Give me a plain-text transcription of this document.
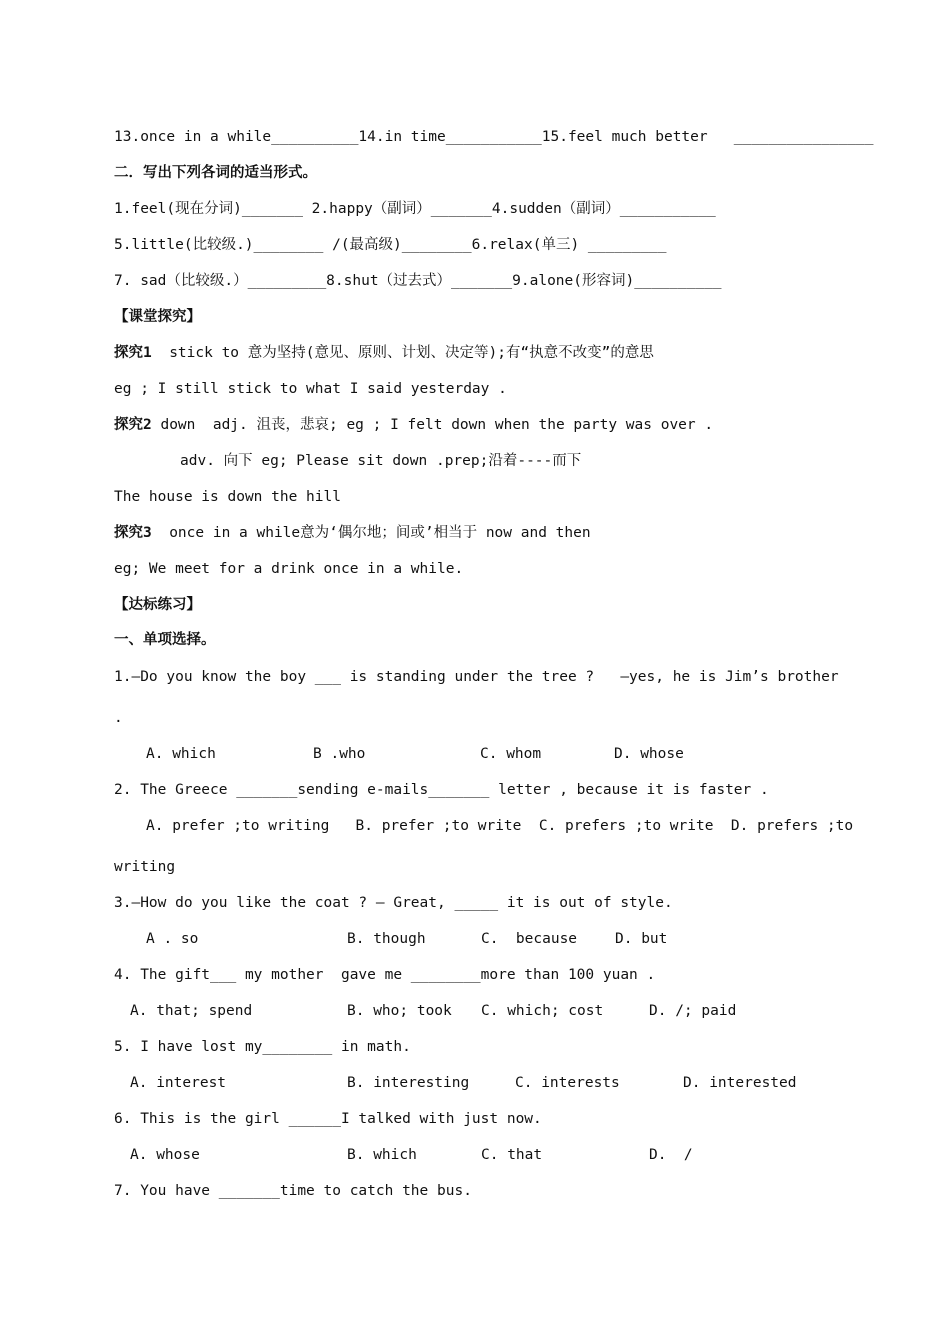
13.once in a while__________14.in time___________15.feel much better   ________________
二．写出下列各词的适当形式。
1.feel(现在分词)_______ 2.happy（副词）_______4.sudden（副词）___________
5.little(比较级.)________ /(最高级)________6.relax(单三) _________
7. sad（比较级.）_________8.shut（过去式）_______9.alone(形容词)__________
【课堂探究】
探究1  stick to 意为坚持(意见、原则、计划、决定等);有“执意不改变”的意思
eg ; I still stick to what I said yesterday .
探究2 down  adj. 沮丧，悲哀; eg ; I felt down when the party was over .
adv. 向下 eg; Please sit down .prep;沿着----而下
The house is down the hill
探究3  once in a while意为‘偶尔地；间或’相当于 now and then
eg; We meet for a drink once in a while.
【达标练习】
一、单项选择。
1.—Do you know the boy ___ is standing under the tree ?   —yes, he is Jim’s brother
.

A. which

	B .who

	C. whom

	D. whose

2. The Greece _______sending e-mails_______ letter , because it is faster .
A. prefer ;to writing   B. prefer ;to write  C. prefers ;to write  D. prefers ;to
writing
3.—How do you like the coat ? — Great, _____ it is out of style.

A . so

	B. though

	C.  because

	D. but

4. The gift___ my mother  gave me ________more than 100 yuan .

A. that; spend

	B. who; took

C. which; cost

	D. /; paid

5. I have lost my________ in math.

A. interest

	B. interesting

	C. interests

	D. interested

6. This is the girl ______I talked with just now.

A. whose

	B. which

	C. that

	D.  /

7. You have _______time to catch the bus.
